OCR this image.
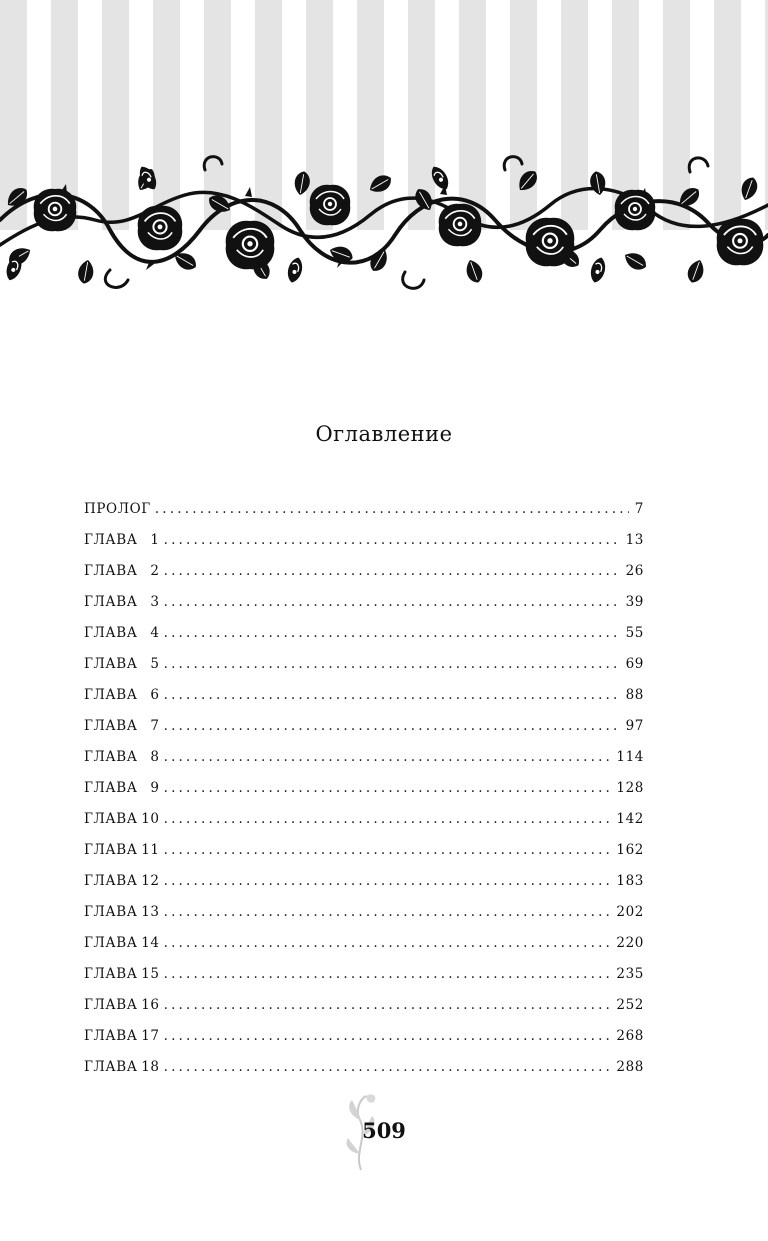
Оглавление
ПРОЛОГ .....	7
ГЛАВА 1 .....	13
ГЛАВА 2 .....	26
ГЛАВА 3 .....	39
ГЛАВА 4 .....	55
ГЛАВА 5 .....	69
ГЛАВА 6 .....	88
ГЛАВА 7 .....	97
ГЛАВА 8 .....	114
ГЛАВА 9 .....	128
ГЛАВА 10 .....	142
ГЛАВА 11 .....	162
ГЛАВА 12 .....	183
ГЛАВА 13 .....	202
ГЛАВА 14 .....	220
ГЛАВА 15 .....	235
ГЛАВА 16 .....	252
ГЛАВА 17 .....	268
ГЛАВА 18 .....	288
509
